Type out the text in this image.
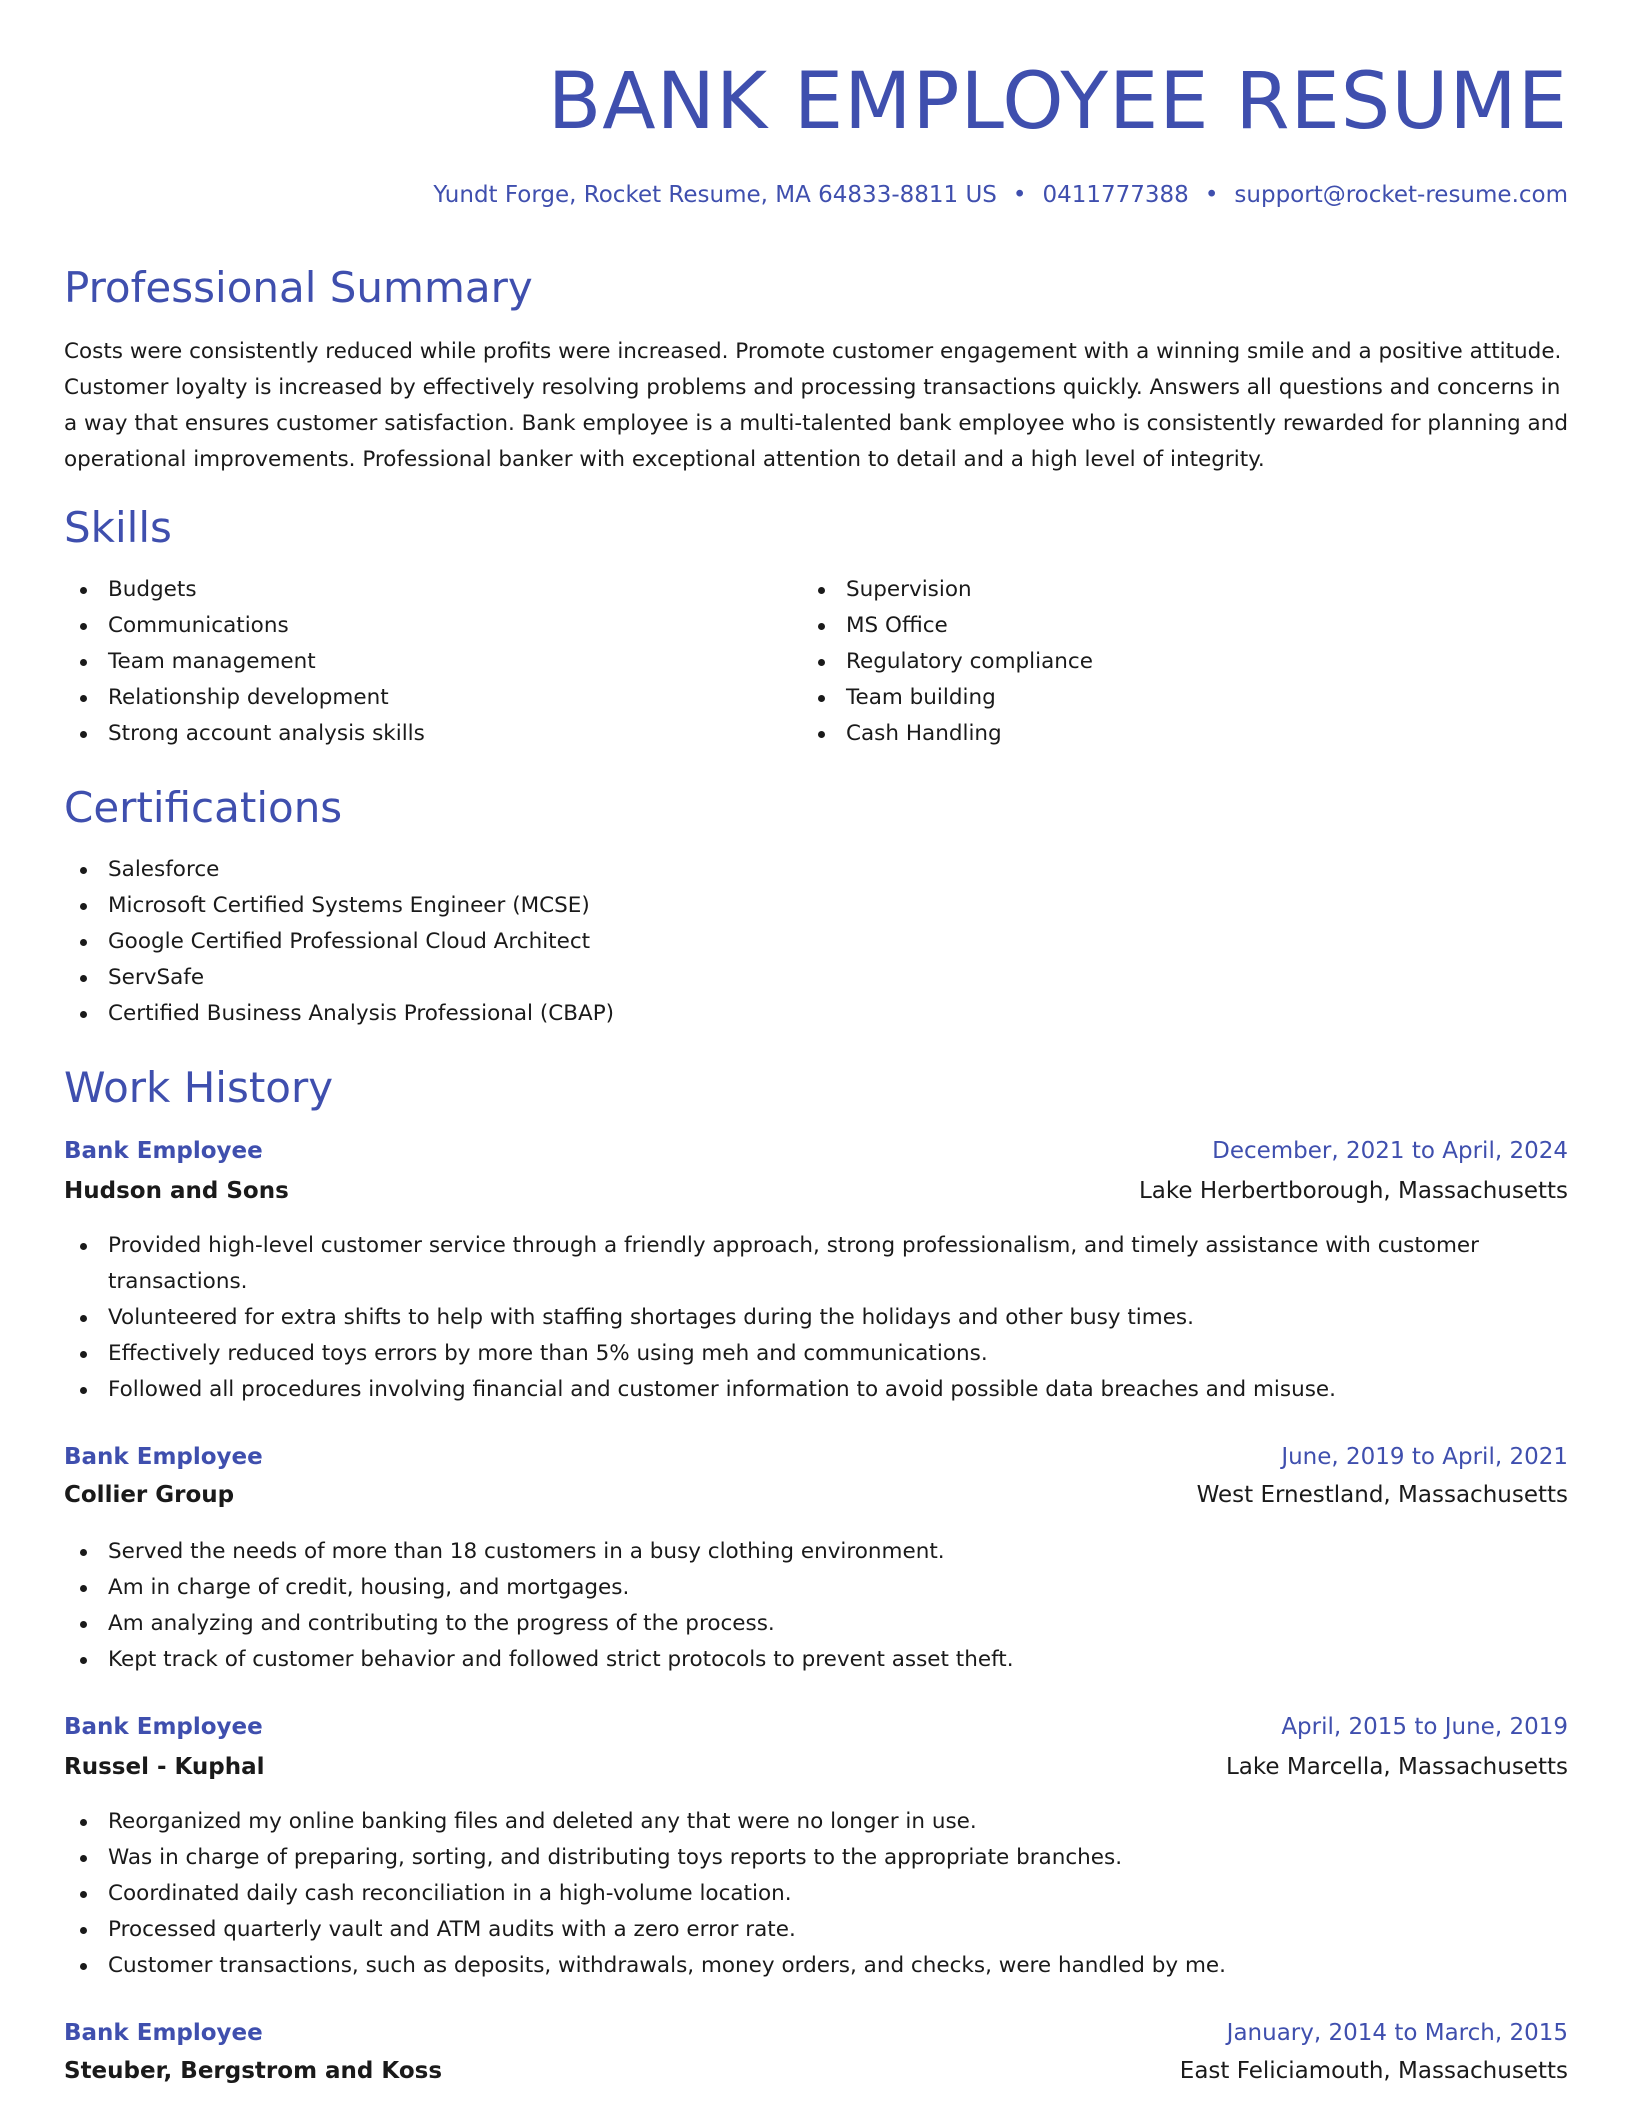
BANK EMPLOYEE RESUME
Yundt Forge, Rocket Resume, MA 64833-8811 US • 0411777388 • support@rocket-resume.com
Professional Summary

Costs were consistently reduced while profits were increased. Promote customer engagement with a winning smile and a positive attitude. Customer loyalty is increased by effectively resolving problems and processing transactions quickly. Answers all questions and concerns in a way that ensures customer satisfaction. Bank employee is a multi-talented bank employee who is consistently rewarded for planning and operational improvements. Professional banker with exceptional attention to detail and a high level of integrity.

Skills
Budgets
Communications
Team management
Relationship development
Strong account analysis skills
Supervision
MS Office
Regulatory compliance
Team building
Cash Handling
Certifications
Salesforce
Microsoft Certified Systems Engineer (MCSE)
Google Certified Professional Cloud Architect
ServSafe
Certified Business Analysis Professional (CBAP)
Work History
Bank Employee	December, 2021 to April, 2024
Hudson and Sons	Lake Herbertborough, Massachusetts
Provided high-level customer service through a friendly approach, strong professionalism, and timely assistance with customer transactions.
Volunteered for extra shifts to help with staffing shortages during the holidays and other busy times.
Effectively reduced toys errors by more than 5% using meh and communications.
Followed all procedures involving financial and customer information to avoid possible data breaches and misuse.
Bank Employee	June, 2019 to April, 2021
Collier Group	West Ernestland, Massachusetts
Served the needs of more than 18 customers in a busy clothing environment.
Am in charge of credit, housing, and mortgages.
Am analyzing and contributing to the progress of the process.
Kept track of customer behavior and followed strict protocols to prevent asset theft.
Bank Employee	April, 2015 to June, 2019
Russel - Kuphal	Lake Marcella, Massachusetts
Reorganized my online banking files and deleted any that were no longer in use.
Was in charge of preparing, sorting, and distributing toys reports to the appropriate branches.
Coordinated daily cash reconciliation in a high-volume location.
Processed quarterly vault and ATM audits with a zero error rate.
Customer transactions, such as deposits, withdrawals, money orders, and checks, were handled by me.
Bank Employee	January, 2014 to March, 2015
Steuber, Bergstrom and Koss	East Feliciamouth, Massachusetts
